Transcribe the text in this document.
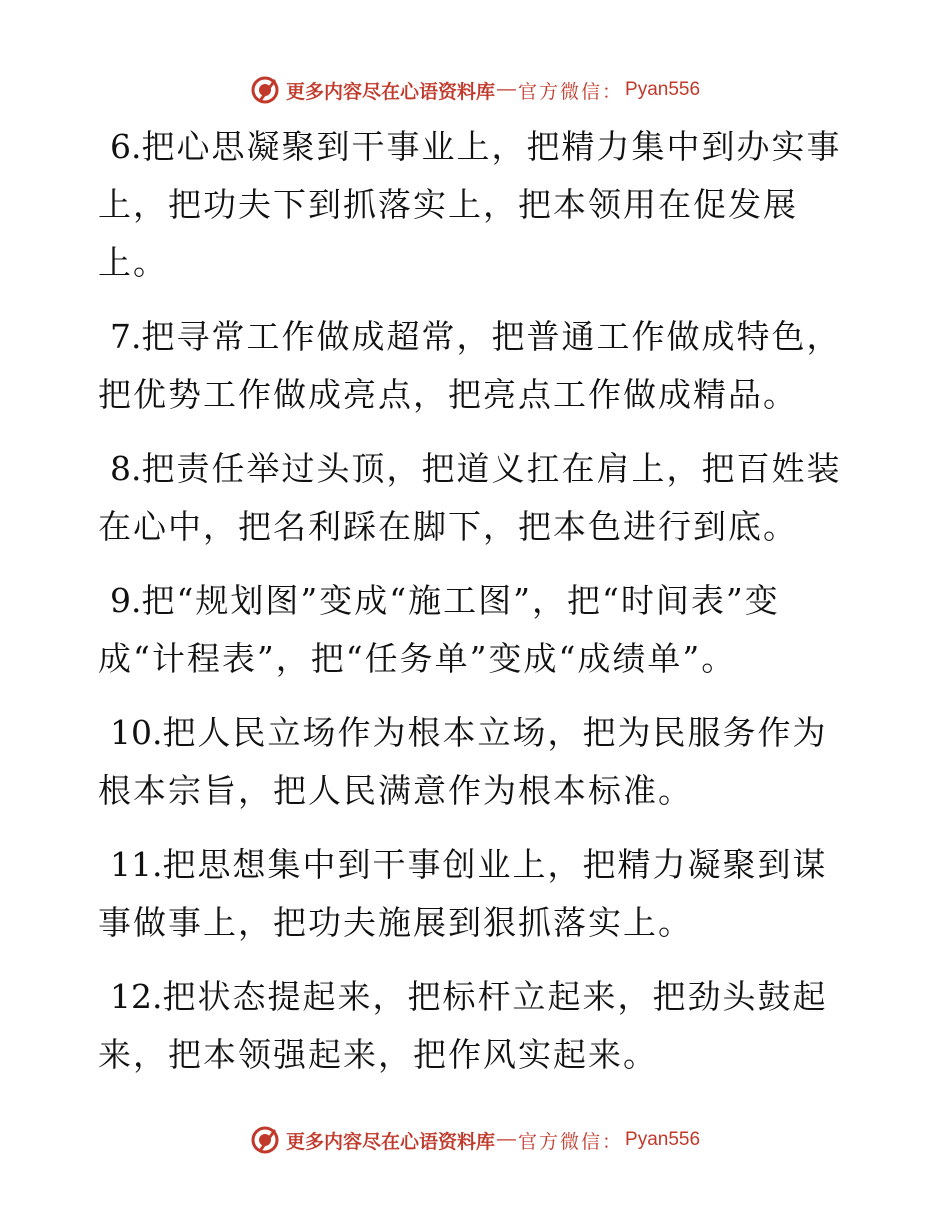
更多内容尽在心语资料库 — 官方微信 ： Pyan556

6.把心思凝聚到干事业上，把精力集中到办实事上，把功夫下到抓落实上，把本领用在促发展上。

7.把寻常工作做成超常，把普通工作做成特色，把优势工作做成亮点，把亮点工作做成精品。

8.把责任举过头顶，把道义扛在肩上，把百姓装在心中，把名利踩在脚下，把本色进行到底。

9.把“规划图”变成“施工图”，把“时间表”变成“计程表”，把“任务单”变成“成绩单”。

10.把人民立场作为根本立场，把为民服务作为根本宗旨，把人民满意作为根本标准。

11.把思想集中到干事创业上，把精力凝聚到谋事做事上，把功夫施展到狠抓落实上。

12.把状态提起来，把标杆立起来，把劲头鼓起来，把本领强起来，把作风实起来。

更多内容尽在心语资料库 — 官方微信 ： Pyan556
